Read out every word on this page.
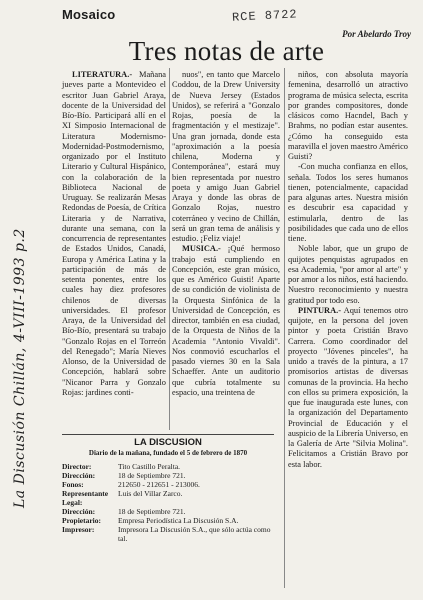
Mosaico	RCE 8722
Por Abelardo Troy
Tres notas de arte
La Discusión Chillán, 4-VIII-1993 p.2

LITERATURA.- Mañana jueves parte a Montevideo el escritor Juan Gabriel Araya, docente de la Universidad del Bío-Bío. Participará allí en el XI Simposio Internacional de Literatura Modernismo-Modernidad-Postmodernismo, organizado por el Instituto Literario y Cultural Hispánico, con la colaboración de la Biblioteca Nacional de Uruguay. Se realizarán Mesas Redondas de Poesía, de Crítica Literaria y de Narrativa, durante una semana, con la concurrencia de representantes de Estados Unidos, Canadá, Europa y América Latina y la participación de más de setenta ponentes, entre los cuales hay diez profesores chilenos de diversas universidades. El profesor Araya, de la Universidad del Bío-Bío, presentará su trabajo "Gonzalo Rojas en el Torreón del Renegado"; María Nieves Alonso, de la Universidad de Concepción, hablará sobre "Nicanor Parra y Gonzalo Rojas: jardines conti-

nuos", en tanto que Marcelo Coddou, de la Drew University de Nueva Jersey (Estados Unidos), se referirá a "Gonzalo Rojas, poesía de la fragmentación y el mestizaje". Una gran jornada, donde esta "aproximación a la poesía chilena, Moderna y Contemporánea", estará muy bien representada por nuestro poeta y amigo Juan Gabriel Araya y donde las obras de Gonzalo Rojas, nuestro coterráneo y vecino de Chillán, será un gran tema de análisis y estudio. ¡Feliz viaje!

MUSICA.- ¡Qué hermoso trabajo está cumpliendo en Concepción, este gran músico, que es Américo Guisti! Aparte de su condición de violinista de la Orquesta Sinfónica de la Universidad de Concepción, es director, también en esa ciudad, de la Orquesta de Niños de la Academia "Antonio Vivaldi". Nos conmovió escucharlos el pasado viernes 30 en la Sala Schaeffer. Ante un auditorio que cubría totalmente su espacio, una treintena de

niños, con absoluta mayoría femenina, desarrolló un atractivo programa de música selecta, escrita por grandes compositores, donde clásicos como Hacndel, Bach y Brahms, no podían estar ausentes. ¿Cómo ha conseguido esta maravilla el joven maestro Américo Guisti?

-Con mucha confianza en ellos, señala. Todos los seres humanos tienen, potencialmente, capacidad para algunas artes. Nuestra misión es descubrir esa capacidad y estimularla, dentro de las posibilidades que cada uno de ellos tiene.

Noble labor, que un grupo de quijotes penquistas agrupados en esa Academia, "por amor al arte" y por amor a los niños, está haciendo. Nuestro reconocimiento y nuestra gratitud por todo eso.

PINTURA.- Aquí tenemos otro quijote, en la persona del joven pintor y poeta Cristián Bravo Carrera. Como coordinador del proyecto "Jóvenes pinceles", ha unido a través de la pintura, a 17 promisorios artistas de diversas comunas de la provincia. Ha hecho con ellos su primera exposición, la que fue inaugurada este lunes, con la organización del Departamento Provincial de Educación y el auspicio de la Librería Universo, en la Galería de Arte "Silvia Molina". Felicitamos a Cristián Bravo por esta labor.

LA DISCUSION
Diario de la mañana, fundado el 5 de febrero de 1870
Director:	Tito Castillo Peralta.
Dirección:	18 de Septiembre 721.
Fonos:	212650 - 212651 - 213006.
Representante Legal:
Luis del Villar Zarco.
Dirección:	18 de Septiembre 721.
Propietario:	Empresa Periodística La Discusión S.A.
Impresor:	Impresora La Discusión S.A., que sólo actúa como tal.
